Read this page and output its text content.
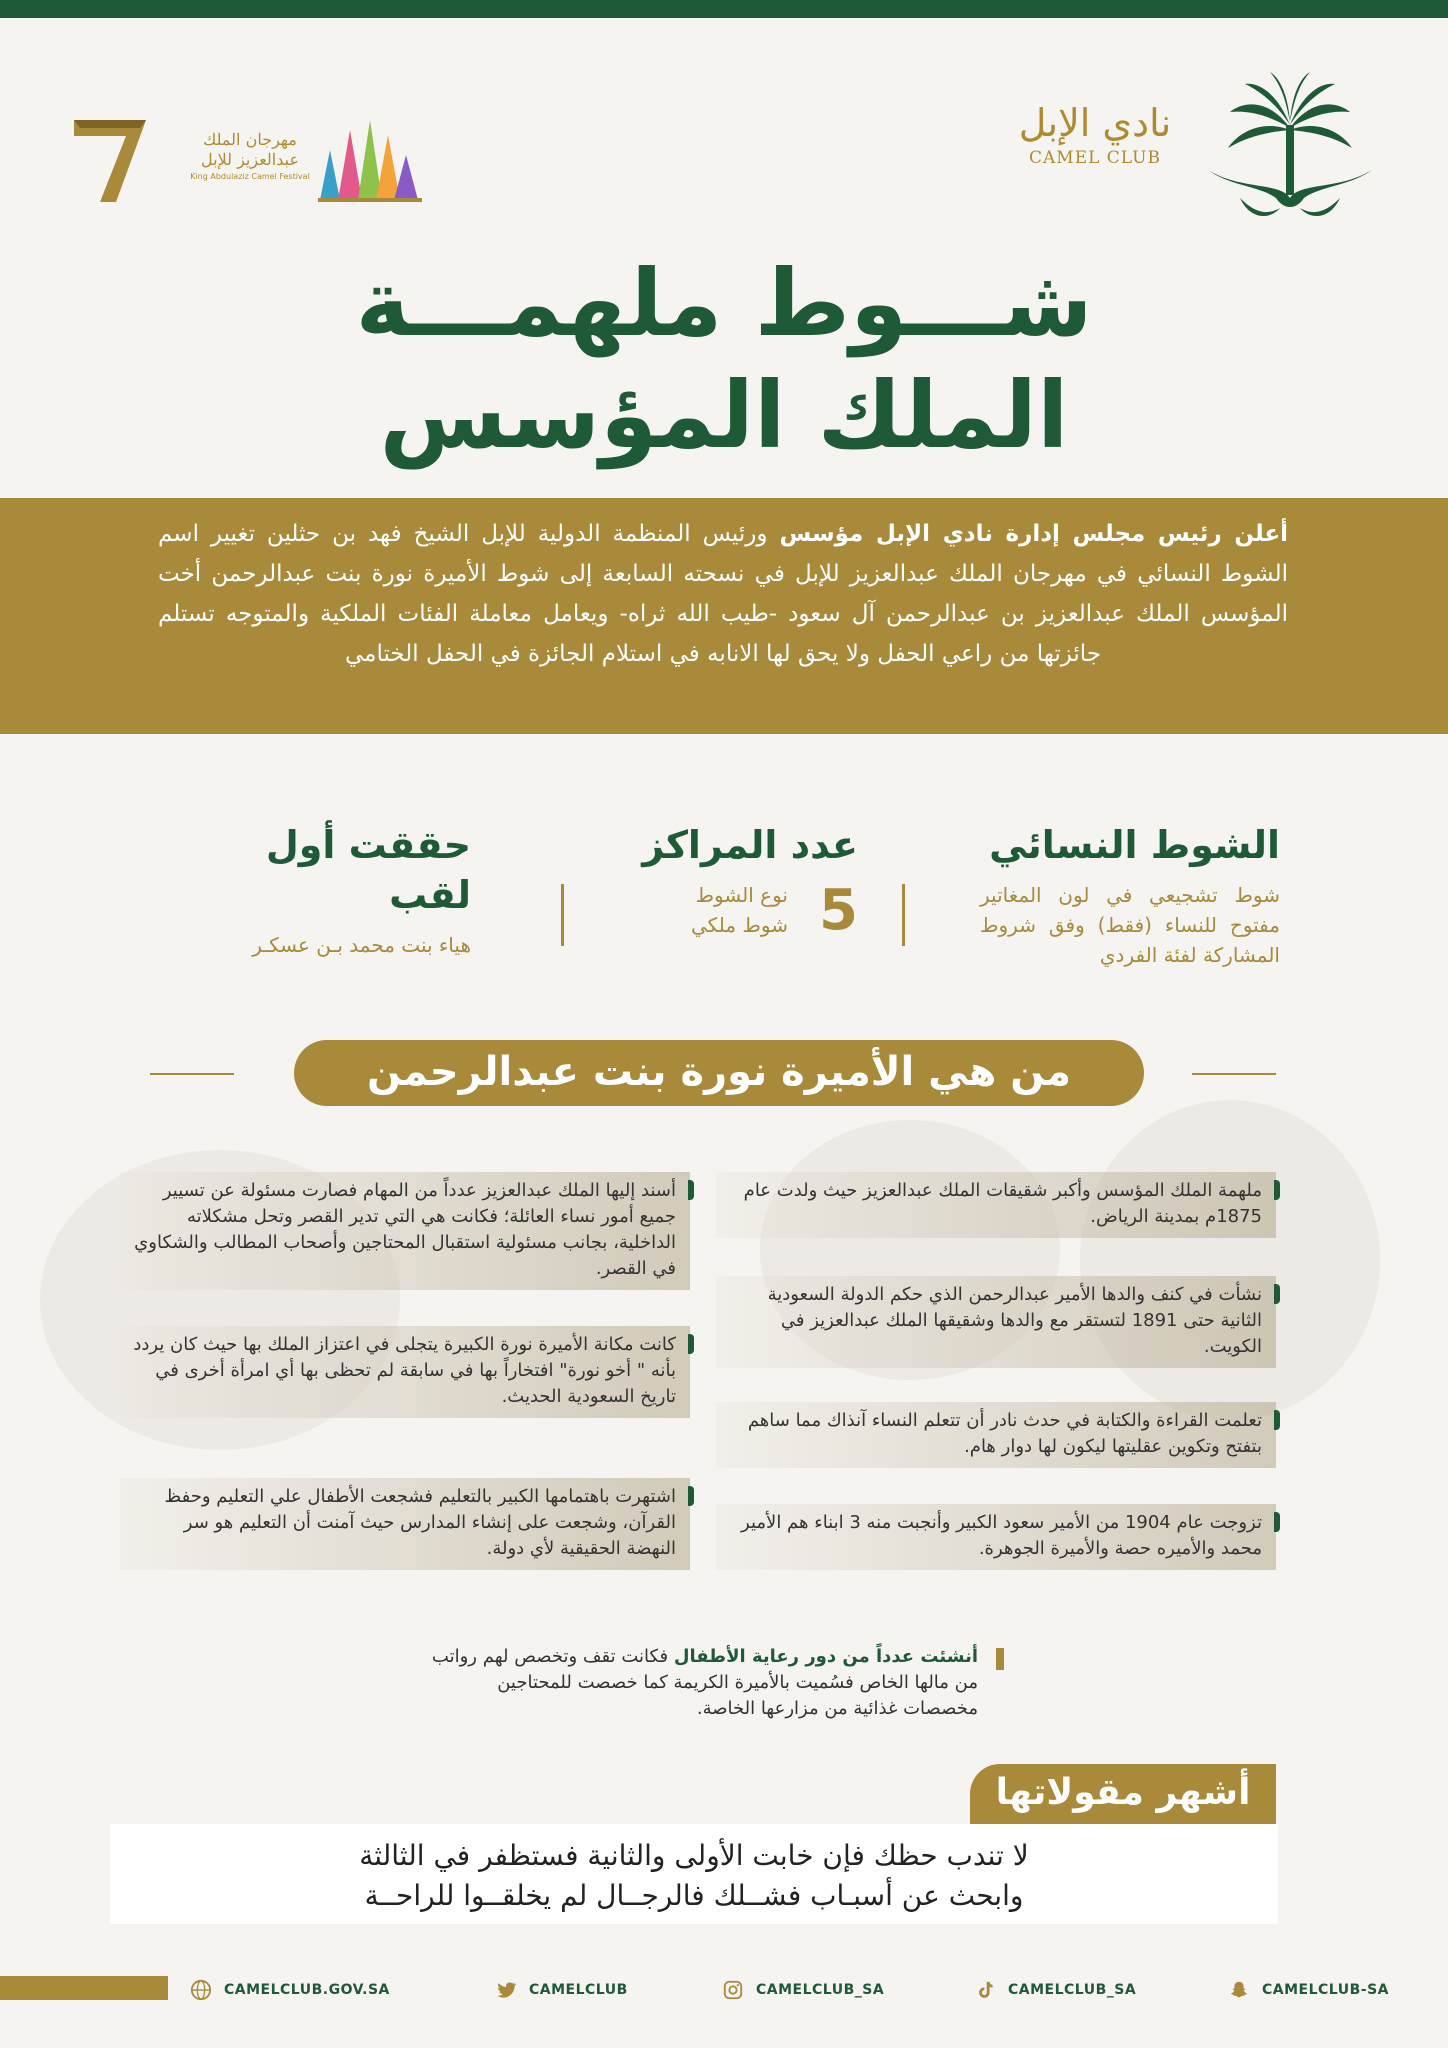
نادي الإبل
CAMEL CLUB
مهرجان الملك عبدالعزيز للإبل
King Abdulaziz Camel Festival
شـــوط ملهمـــة
الملك المؤسس
أعلن رئيس مجلس إدارة نادي الإبل مؤسس ورئيس المنظمة الدولية للإبل الشيخ فهد بن حثلين تغيير اسم الشوط النسائي في مهرجان الملك عبدالعزيز للإبل في نسحته السابعة إلى شوط الأميرة نورة بنت عبدالرحمن أخت المؤسس الملك عبدالعزيز بن عبدالرحمن آل سعود -طيب الله ثراه- ويعامل معاملة الفئات الملكية والمتوجه تستلم جائزتها من راعي الحفل ولا يحق لها الانابه في استلام الجائزة في الحفل الختامي
الشوط النسائي

شوط تشجيعي في لون المغاتير مفتوح للنساء (فقط) وفق شروط المشاركة لفئة الفردي

عدد المراكز

نوع الشوط
شوط ملكي 5
حققت أول لقب

هياء بنت محمد بـن عسكـر

من هي الأميرة نورة بنت عبدالرحمن
ملهمة الملك المؤسس وأكبر شقيقات الملك عبدالعزيز حيث ولدت عام 1875م بمدينة الرياض.
نشأت في كنف والدها الأمير عبدالرحمن الذي حكم الدولة السعودية الثانية حتى 1891 لتستقر مع والدها وشقيقها الملك عبدالعزيز في الكويت.
تعلمت القراءة والكتابة في حدث نادر أن تتعلم النساء آنذاك مما ساهم بتفتح وتكوين عقليتها ليكون لها دوار هام.
تزوجت عام 1904 من الأمير سعود الكبير وأنجبت منه 3 ابناء هم الأمير محمد والأميره حصة والأميرة الجوهرة.
أسند إليها الملك عبدالعزيز عدداً من المهام فصارت مسئولة عن تسيير جميع أمور نساء العائلة؛ فكانت هي التي تدير القصر وتحل مشكلاته الداخلية، بجانب مسئولية استقبال المحتاجين وأصحاب المطالب والشكاوي في القصر.
كانت مكانة الأميرة نورة الكبيرة يتجلى في اعتزاز الملك بها حيث كان يردد بأنه " أخو نورة" افتخاراً بها في سابقة لم تحظى بها أي امرأة أخرى في تاريخ السعودية الحديث.
اشتهرت باهتمامها الكبير بالتعليم فشجعت الأطفال علي التعليم وحفظ القرآن، وشجعت على إنشاء المدارس حيث آمنت أن التعليم هو سر النهضة الحقيقية لأي دولة.
أنشئت عدداً من دور رعاية الأطفال فكانت تقف وتخصص لهم رواتب من مالها الخاص فسُميت بالأميرة الكريمة كما خصصت للمحتاجين مخصصات غذائية من مزارعها الخاصة.
أشهر مقولاتها
لا تندب حظك فإن خابت الأولى والثانية فستظفر في الثالثة
وابحث عن أسبـاب فشــلك فالرجــال لم يخلقــوا للراحــة
CAMELCLUB.GOV.SA	CAMELCLUB	CAMELCLUB_SA	CAMELCLUB_SA	CAMELCLUB-SA
